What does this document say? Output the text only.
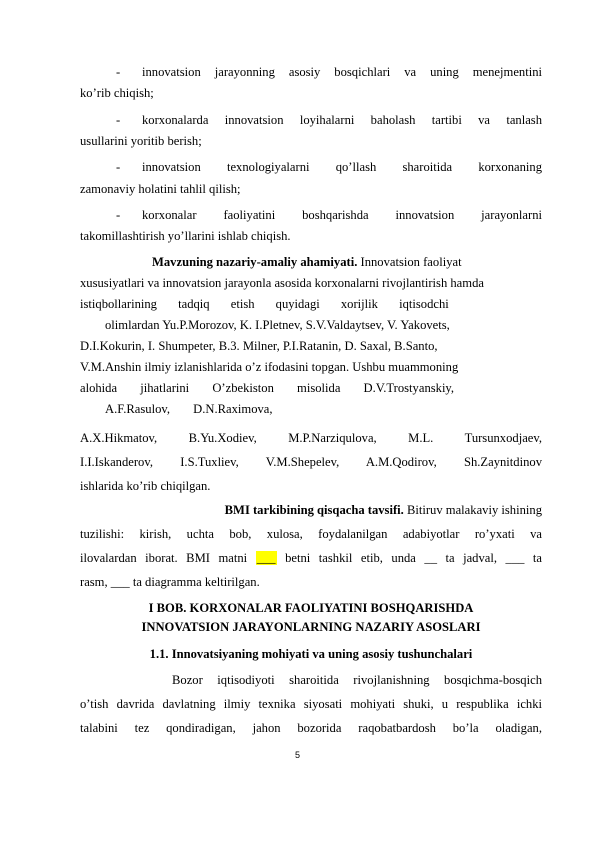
- innovatsion jarayonning asosiy bosqichlari va uning menejmentini
ko’rib chiqish;
- korxonalarda innovatsion loyihalarni baholash tartibi va tanlash
usullarini yoritib berish;
- innovatsion texnologiyalarni qo’llash sharoitida korxonaning
zamonaviy holatini tahlil qilish;
- korxonalar faoliyatini boshqarishda innovatsion jarayonlarni
takomillashtirish yo’llarini ishlab chiqish.
Mavzuning nazariy-amaliy ahamiyati. Innovatsion faoliyat
xususiyatlari va innovatsion jarayonla asosida korxonalarni rivojlantirish hamda
istiqbollarining tadqiq etish quyidagi xorijlik iqtisodchi
olimlardan Yu.P.Morozov, K. I.Pletnev, S.V.Valdaytsev, V. Yakovets,
D.I.Kokurin, I. Shumpeter, B.3. Milner, P.I.Ratanin, D. Saxal, B.Santo,
V.M.Anshin ilmiy izlanishlarida o’z ifodasini topgan. Ushbu muammoning
alohida jihatlarini O’zbekiston misolida D.V.Trostyanskiy,
A.F.Rasulov, D.N.Raximova,
A.X.Hikmatov, B.Yu.Xodiev, M.P.Narziqulova, M.L. Tursunxodjaev,
I.I.Iskanderov, I.S.Tuxliev, V.M.Shepelev, A.M.Qodirov, Sh.Zaynitdinov
ishlarida ko’rib chiqilgan.
BMI tarkibining qisqacha tavsifi. Bitiruv malakaviy ishining
tuzilishi: kirish, uchta bob, xulosa, foydalanilgan adabiyotlar ro’yxati va
ilovalardan iborat. BMI matni ___ betni tashkil etib, unda __ ta jadval, ___ ta
rasm, ___ ta diagramma keltirilgan.
I BOB. KORXONALAR FAOLIYATINI BOSHQARISHDA
INNOVATSION JARAYONLARNING NAZARIY ASOSLARI
1.1. Innovatsiyaning mohiyati va uning asosiy tushunchalari
Bozor iqtisodiyoti sharoitida rivojlanishning bosqichma-bosqich
o’tish davrida davlatning ilmiy texnika siyosati mohiyati shuki, u respublika ichki
talabini tez qondiradigan, jahon bozorida raqobatbardosh bo’la oladigan,
5
